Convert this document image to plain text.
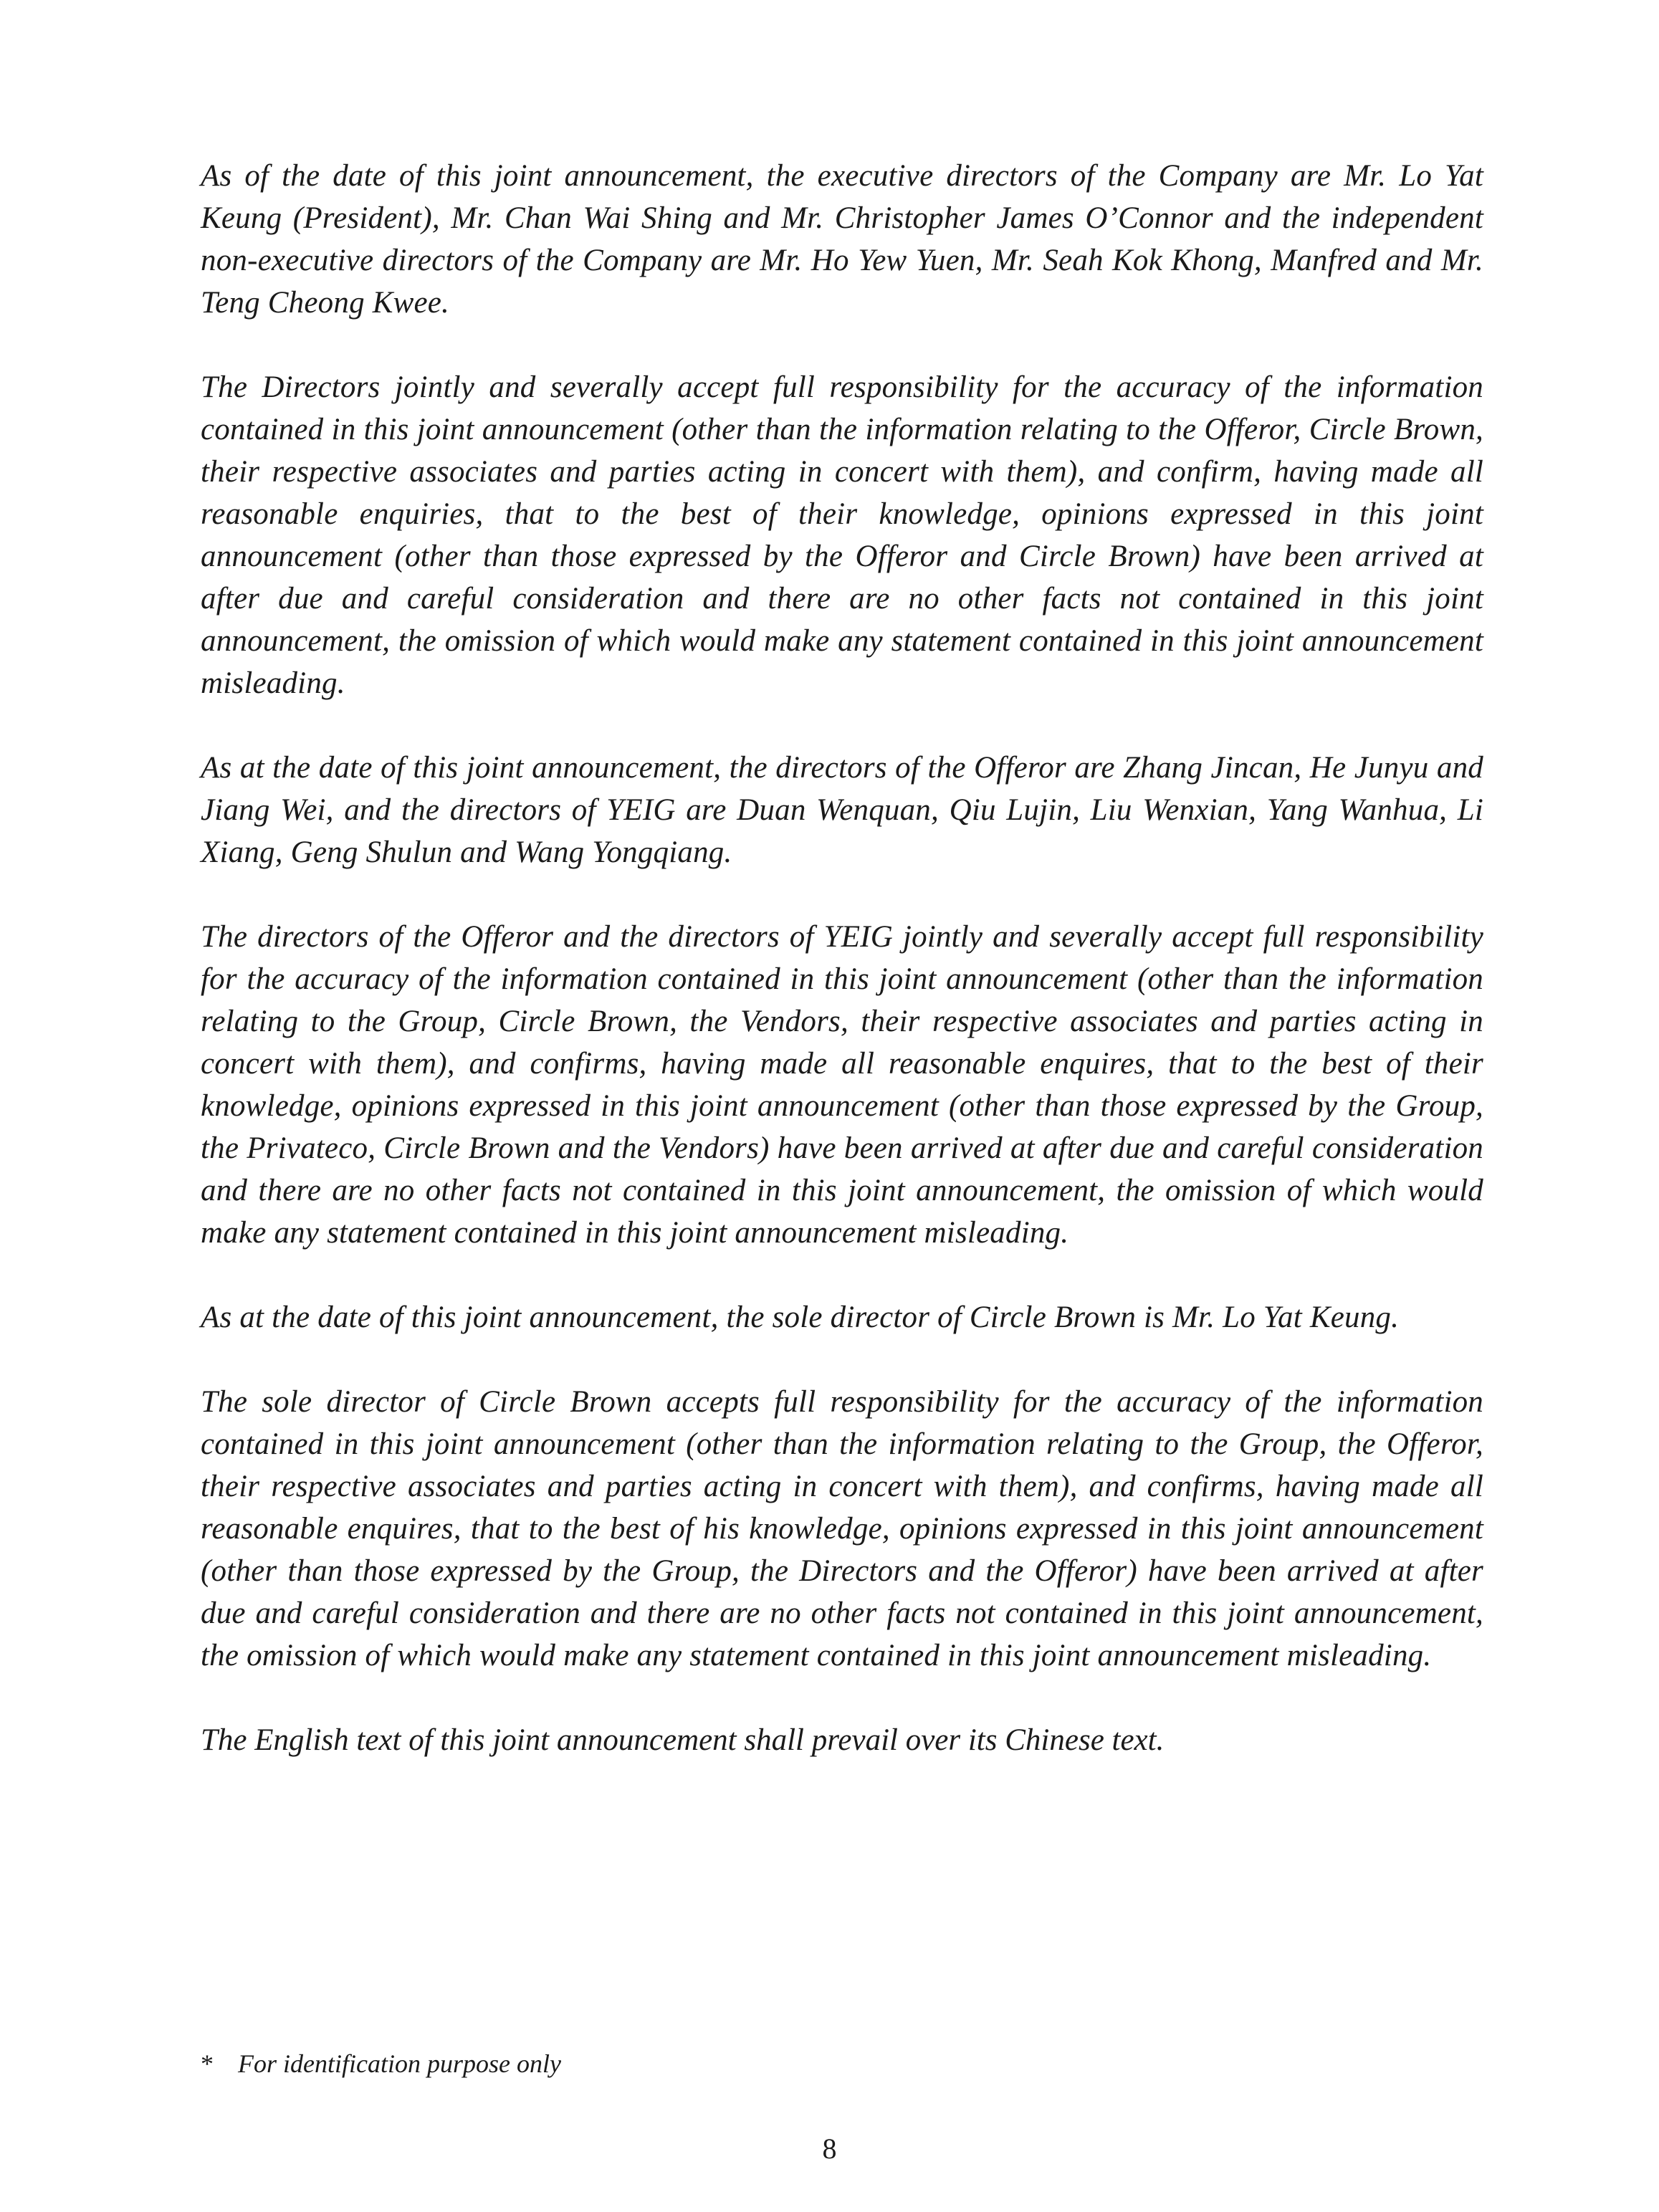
As of the date of this joint announcement, the executive directors of the Company are Mr. Lo Yat Keung (President), Mr. Chan Wai Shing and Mr. Christopher James O’Connor and the independent non-executive directors of the Company are Mr. Ho Yew Yuen, Mr. Seah Kok Khong, Manfred and Mr. Teng Cheong Kwee.

The Directors jointly and severally accept full responsibility for the accuracy of the information contained in this joint announcement (other than the information relating to the Offeror, Circle Brown, their respective associates and parties acting in concert with them), and confirm, having made all reasonable enquiries, that to the best of their knowledge, opinions expressed in this joint announcement (other than those expressed by the Offeror and Circle Brown) have been arrived at after due and careful consideration and there are no other facts not contained in this joint announcement, the omission of which would make any statement contained in this joint announcement misleading.

As at the date of this joint announcement, the directors of the Offeror are Zhang Jincan, He Junyu and Jiang Wei, and the directors of YEIG are Duan Wenquan, Qiu Lujin, Liu Wenxian, Yang Wanhua, Li Xiang, Geng Shulun and Wang Yongqiang.

The directors of the Offeror and the directors of YEIG jointly and severally accept full responsibility for the accuracy of the information contained in this joint announcement (other than the information relating to the Group, Circle Brown, the Vendors, their respective associates and parties acting in concert with them), and confirms, having made all reasonable enquires, that to the best of their knowledge, opinions expressed in this joint announcement (other than those expressed by the Group, the Privateco, Circle Brown and the Vendors) have been arrived at after due and careful consideration and there are no other facts not contained in this joint announcement, the omission of which would make any statement contained in this joint announcement misleading.

As at the date of this joint announcement, the sole director of Circle Brown is Mr. Lo Yat Keung.

The sole director of Circle Brown accepts full responsibility for the accuracy of the information contained in this joint announcement (other than the information relating to the Group, the Offeror, their respective associates and parties acting in concert with them), and confirms, having made all reasonable enquires, that to the best of his knowledge, opinions expressed in this joint announcement (other than those expressed by the Group, the Directors and the Offeror) have been arrived at after due and careful consideration and there are no other facts not contained in this joint announcement, the omission of which would make any statement contained in this joint announcement misleading.

The English text of this joint announcement shall prevail over its Chinese text.

* For identification purpose only
8
